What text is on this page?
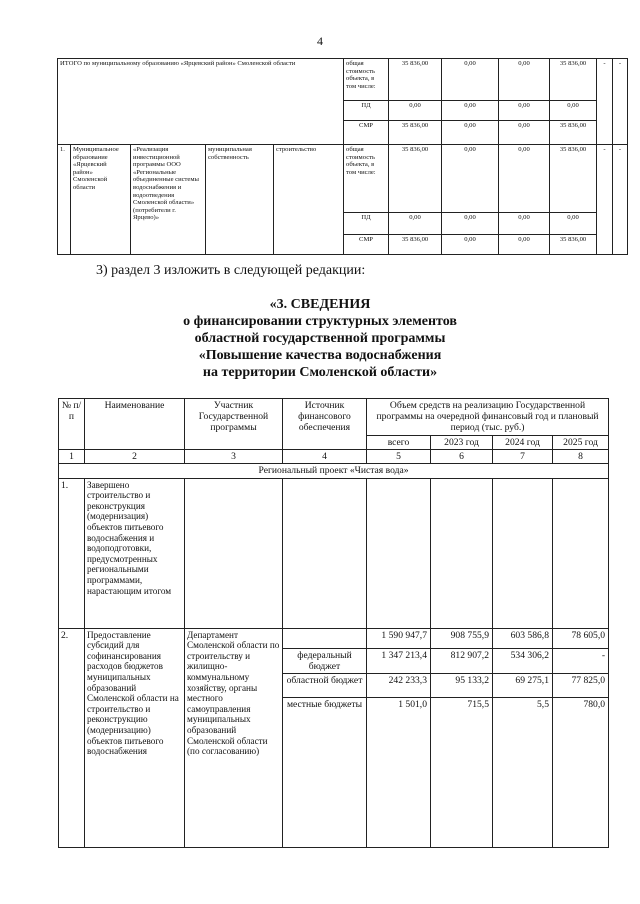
4
ИТОГО по муниципальному образованию «Ярцевский район» Смоленской области					общая стоимость объекта, в том числе:	35 836,00	0,00	0,00	35 836,00	-	-
					ПД	0,00	0,00	0,00	0,00		
					СМР	35 836,00	0,00	0,00	35 836,00		
1.	Муниципальное образование «Ярцевский район» Смоленской области	«Реализация инвестиционной программы ООО «Региональные объединенные системы водоснабжения и водоотведения Смоленской области» (потребители г. Ярцево)»	муниципальная собственность	строительство	общая стоимость объекта, в том числе:	35 836,00	0,00	0,00	35 836,00	-	-
					ПД	0,00	0,00	0,00	0,00		
					СМР	35 836,00	0,00	0,00	35 836,00		
3) раздел 3 изложить в следующей редакции:
«3. СВЕДЕНИЯ
о финансировании структурных элементов
областной государственной программы
«Повышение качества водоснабжения
на территории Смоленской области»
№ п/п	Наименование	Участник Государственной программы	Источник финансового обеспечения	Объем средств на реализацию Государственной программы на очередной финансовый год и плановый период (тыс. руб.)			
				всего	2023 год	2024 год	2025 год
1	2	3	4	5	6	7	8
Региональный проект «Чистая вода»							
1.	Завершено строительство и реконструкция (модернизация) объектов питьевого водоснабжения и водоподготовки, предусмотренных региональными программами, нарастающим итогом						
2.	Предоставление субсидий для софинансирования расходов бюджетов муниципальных образований Смоленской области на строительство и реконструкцию (модернизацию) объектов питьевого водоснабжения	Департамент Смоленской области по строительству и жилищно-коммунальному хозяйству, органы местного самоуправления муниципальных образований Смоленской области (по согласованию)		1 590 947,7	908 755,9	603 586,8	78 605,0
			федеральный бюджет	1 347 213,4	812 907,2	534 306,2	-
			областной бюджет	242 233,3	95 133,2	69 275,1	77 825,0
			местные бюджеты	1 501,0	715,5	5,5	780,0
